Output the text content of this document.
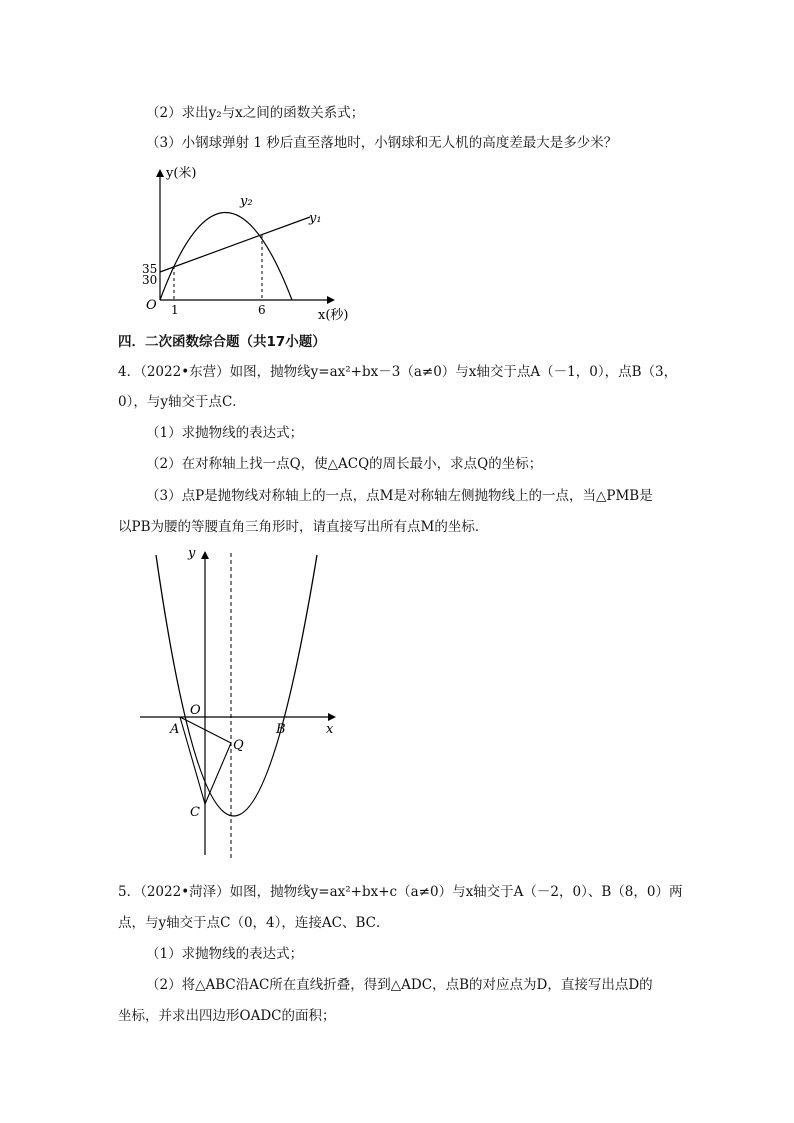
（2）求出y₂与x之间的函数关系式；
（3）小钢球弹射 1 秒后直至落地时，小钢球和无人机的高度差最大是多少米？
y(米)
x(秒)
O
35
30
1	6
y₁
y₂
四．二次函数综合题（共17小题）
4．（2022•东营）如图，抛物线y=ax²+bx－3（a≠0）与x轴交于点A（－1，0），点B（3，
0），与y轴交于点C．
（1）求抛物线的表达式；
（2）在对称轴上找一点Q，使△ACQ的周长最小，求点Q的坐标；
（3）点P是抛物线对称轴上的一点，点M是对称轴左侧抛物线上的一点，当△PMB是
以PB为腰的等腰直角三角形时，请直接写出所有点M的坐标．
y
x
O
A	B
C
Q
5．（2022•菏泽）如图，抛物线y=ax²+bx+c（a≠0）与x轴交于A（－2，0）、B（8，0）两
点，与y轴交于点C（0，4），连接AC、BC．
（1）求抛物线的表达式；
（2）将△ABC沿AC所在直线折叠，得到△ADC，点B的对应点为D，直接写出点D的
坐标，并求出四边形OADC的面积；
